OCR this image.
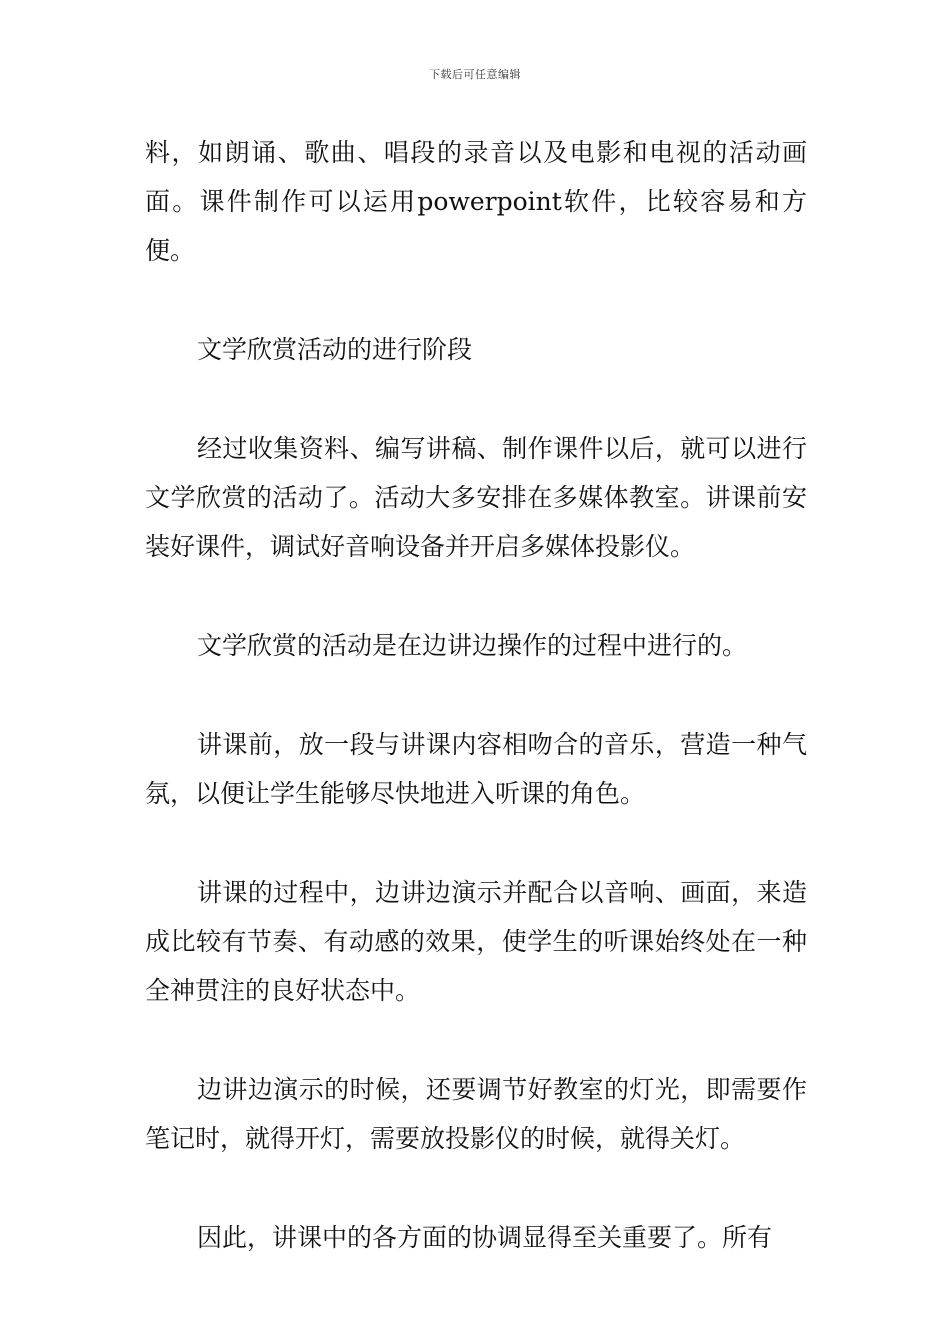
下载后可任意编辑

料，如朗诵、歌曲、唱段的录音以及电影和电视的活动画面。课件制作可以运用powerpoint软件，比较容易和方便。

文学欣赏活动的进行阶段

经过收集资料、编写讲稿、制作课件以后，就可以进行文学欣赏的活动了。活动大多安排在多媒体教室。讲课前安装好课件，调试好音响设备并开启多媒体投影仪。

文学欣赏的活动是在边讲边操作的过程中进行的。

讲课前，放一段与讲课内容相吻合的音乐，营造一种气氛，以便让学生能够尽快地进入听课的角色。

讲课的过程中，边讲边演示并配合以音响、画面，来造成比较有节奏、有动感的效果，使学生的听课始终处在一种全神贯注的良好状态中。

边讲边演示的时候，还要调节好教室的灯光，即需要作笔记时，就得开灯，需要放投影仪的时候，就得关灯。

因此，讲课中的各方面的协调显得至关重要了。所有
